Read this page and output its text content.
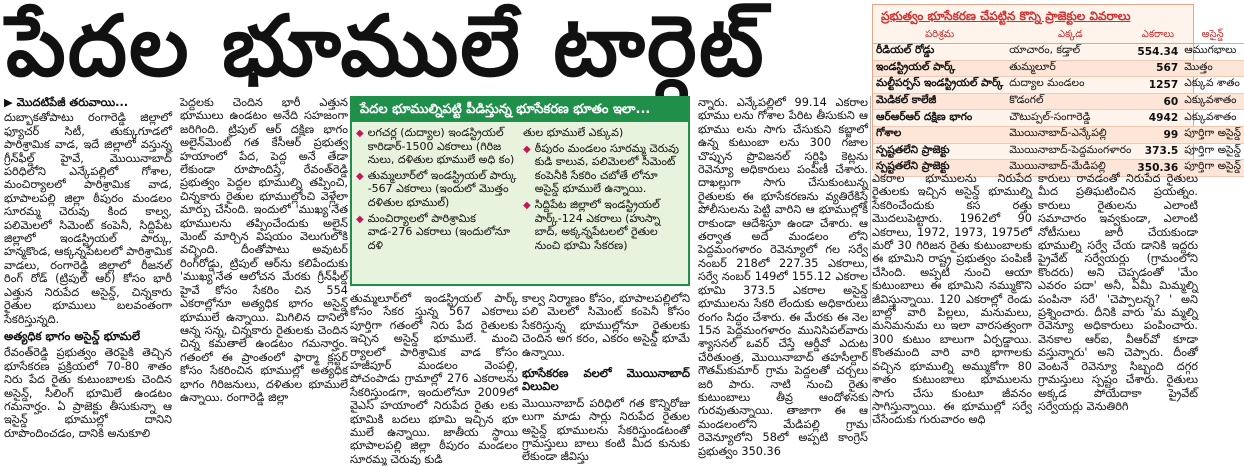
పేదల భూములే టార్గెట్

▶ మొదటిపేజీ తరువాయి...

దుబ్బాకతోపాటు రంగారెడ్డి జిల్లాలో ఫ్యూచర్ సిటీ, తుక్కుగూడలో పారిశ్రామిక వాడ, ఇదే జిల్లాలో వస్తున్న గ్రీన్‌ఫీల్డ్ హైవే, మొయినాబాద్ పరిధిలోని ఎన్కేపల్లిలో గోశాల, మంచిర్యాలలో పారిశ్రామిక వాడ, భూపాలపల్లి జిల్లా ఠీపురం మండలం సూరమ్మ చెరువు కింద కాల్వ, పలిమెలలో సిమెంట్ కంపెనీ, సిద్దిపేట జిల్లాలో ఇండస్ట్రియల్ పార్కు, హన్మకొండ, ఆక్కన్నపేటలలో పారిశ్రామిక వాడలు, రంగారెడ్డి జిల్లాలో రీజనల్ రింగ్ రోడ్ (ట్రిపుల్ ఆర్) కోసం భారీ ఎత్తున నిరుపేద అసైన్డ్, చిన్నకారు రైతుల భూములు బలవంతంగా సేకరిస్తున్నది.

అత్యధిక భాగం అసైన్డ్ భూమలే

రేవంత్‌రెడ్డి ప్రభుత్వం తెరపైకి తెచ్చిన భూసేకరణ ప్రక్రియలో 70-80 శాతం నిరు పేద రైతు కుటుంబాలకు చెందిన అసైన్డ్, సీలింగ్ భూమిలే ఉండటం గమనార్హం. ఏ ప్రాజెక్టు తీసుకున్నా ఆ ఇసైన్డ్ భూముల్లో దానిని రూపొందించడం, దానికి అనుకూలి

పెద్దలకు చెందిన భారీ ఎత్తున భూములు ఉండటం అనేది సహజంగా జరిగింది. ట్రిపుల్ ఆర్ దక్షిణ భాగం అలైన్‌మెంట్ గత కేసీఆర్ ప్రభుత్వ హయాంలో పేద, పెద్ద అనే తేడా లేకుండా రూపొందిస్తే, రేవంత్‌రెడ్డి ప్రభుత్వం పెద్దల భూముల్ని తప్పించి, చిన్నకారు రైతుల భూముల్లోంచి వెళ్లేలా మార్పు చేసింది. ఇందులో 'ముఖ్య'నేత భూములను తప్పించేందుకు అలైన్ మెంట్ మార్చిన విషయం వెలుగులోకి వచ్చింది. దీంతోపాటు అవుటర్ రింగ్‌రోడ్డు, ట్రిపుల్ ఆర్‌ను కలిపేందుకు 'ముఖ్య'నేత ఆలోచన మేరకు గ్రీన్‌ఫీల్డ్ హైవే కోసం సేకరిం చిన 554 ఎకరాల్లోనూ అత్యధిక భాగం అసైన్డ్ భూములే ఉన్నాయి. మిగిలిన దానిలో ఆన్న సన్న, చిన్నకారు రైతులకు చెందిన చిన్న కమతాలే ఉండటం గమనార్హం. గతంలో ఈ ప్రాంతంలో ఫార్మా క్లస్టర్ కోసం సేకరించిన భూముల్లో అత్యధిక భాగం గిరిజనులు, దళితుల భూములే ఉన్నాయి. రంగారెడ్డి జిల్లా

పేదల భూముల్నిపట్టి పీడిస్తున్న భూసేకరణ భూతం ఇలా...
◆ లగచర్ల (దుద్యాల) ఇండస్ట్రియల్ కారిడార్-1500 ఎకరాలు (గిరిజ నులు, దళితుల భూములే అధి కం)
◆ తుమ్మలూర్‌లో ఇండస్ట్రియల్ పార్కు -567 ఎకరాలు (ఇందులో మొత్తం దళితుల భూముల్)
◆ మంచిర్యాలలో పారిశ్రామిక వాడ-276 ఎకరాలు (ఇందులోనూ దళి
తుల భూములే ఎక్కువ)
◆ ఠీపురం మండలం సూరమ్మ చెరువు కుడి కాలువ, పలిమెలలో సిమెంట్ కంపెనీకి సేకరిం చబోతే లోనూ అసైన్డ్ భూములే ఉన్నాయి.
◆ సిద్దిపేట జిల్లాలో ఇండస్ట్రియల్ పార్క్-124 ఎకరాలు (హుస్నా బాద్, అక్కన్నపేటలలో రైతుల నుంచి భూమి సేకరణ)
తుమ్మలూర్‌లో ఇండస్ట్రియల్ పార్క్ కోసం సేకర స్తున్న 567 ఎకరాలు పూర్తిగా గతంలో నిరు పేద రైతులకు ఇచ్చిన అసైన్డ్ భూములే. మంచి ర్యాలలో పారిశ్రామిక వాడ కోసం హజీపూర్ మండలం వెంపల్లి, పోచంపాడు గ్రామాల్లో 276 ఎకరాలను సేకరిస్తుండగా, ఇందులోనూ 2009లో వైఎస్ హయాంలో నిరుపేద రైతు లకు భూమికి బదలు భూమి ఇచ్చిన భూ ములే ఉన్నాయి. జాతీయ స్థాయి భూపాలపల్లి జిల్లా ఠీపురం మండలం సూరమ్మ చెరువు కుడి
కాల్వ నిర్మాణం కోసం, భూపాలపల్లిలోని పలి మెలలో సిమెంట్ కంపెనీ కోసం సేకరిస్తున్న భూముల్లోనూ రైతులకు చెందిన అగ కరం, ఎకరం అసైన్డ్ భూమే ఉన్నాయి.
భూసేకరణ వలలో మొయినాబాద్ విలువిల
మొయినాబాద్ పరిధిలో గత కొన్నిరోజు లుగా మాడు సార్లు నిరుపేద రైతుల అసైన్డ్ భూములను సేకరిస్తుండటంతో గ్రామస్తులు బాలు కంటి మీద కునుకు లేకుండా జీవిస్తు

న్నారు. ఎన్కేపల్లిలో 99.14 ఎకరాల భూము లను గోశాల పేరిట తీసుకుని ఆ భూము లను సాగు చేసుకుని కబ్జాలో ఉన్న కుటుంబా లను 300 గజాల చొప్పున ప్రొవిజనల్ సర్టిఫి కెట్లను రెవెన్యూ అధికారులు పంపిణీ చేశారు. దాఖల్లుగా సాగు చేసుకుంటున్న రైతులకు ఈ భూసేకరణను వ్యతిరేకిస్తే పోలీసులను పెట్టి వారిని ఆ భూముల్లోకి రాకుండా ఆదేశిస్తూ ఉండా చేశారు. ఆ తర్వాత అదే మండలం లోని పెద్దమంగళారం రెవెన్యూలో గల సర్వే నంబర్ 218లో 227.35 ఎకరాలు, సర్వే నంబర్ 149లో 155.12 ఎకరాల భూమి 373.5 ఎకరాల అసైన్డ్ భూములను సేకరి లేందుకు అధికారులు రంగం సిద్ధం చేశారు. ఈ మేరకు ఈ నెల 15న పెద్దమంగళారం మునిసిపల్‌వారు శ్యాసనల్ ఒవర్‌ చేస్తే ఆర్డీవో ఎదుట చేరితుంత్ర, మొయినాబాద్ తహసీల్దార్ గౌతమ్‌కుమార్ గ్రామ పెద్దలతో చర్చలు జరి పారు. నాటి నుంచి రైతు కుటుంబాలు తీవ్ర ఆందోళనకు గురవుతున్నాయి. తాజాగా ఈ ఆ మండలంలోని మేడిపల్లి గ్రామ రెవెన్యూలోని 58లో అప్పటి కాంగ్రెస్ ప్రభుత్వం 350.36

ప్రభుత్వం భూసేకరణ చేపట్టిన కొన్ని ప్రాజెక్టుల వివరాలు
పరిశ్రమ	ఎక్కడ	ఎకరాలు	అసైన్డ్
రీడియల్ రోడ్డు	యాచారం, కడ్తాల్	554.34	ఆముగభాలు
ఇండస్ట్రియల్ పార్క్	తుమ్మలూర్	567	మొత్తం
మల్టీపర్పస్ ఇండస్ట్రియల్ పార్క్	దుద్యాల మండలం	1257	ఎక్కువ శాతం
మెడికల్ కాలేజీ	కొడంగల్	60	ఎక్కువశాతం
ఆర్‌ఆర్‌ఆర్ దక్షిణ భాగం	చౌటుప్పల్-సంగారెడ్డి	4942	ఎక్కువశాతం
గోశాల	మొయినాబాద్-ఎన్కేపల్లి	99	పూర్తిగా అసైన్డ్
స్పష్టతలేని ప్రాజెక్టు	మొయినాబాద్-పెద్దమంగళారం	373.5	పూర్తిగా అసైన్డ్
స్పష్టతలేని ప్రాజెక్టు	మొయినాబాద్-మేడిపల్లి	350.36	పూర్తిగా అసైన్డ్
ఎకరాల భూములను నిరుపేద రైతులకు ఇచ్చిన అసైన్డ్ భూముల్ని సేకరించేందుకు కస రత్తు మొదలుపెట్టారు. 1962లో 90 ఎకరాలు, 1972, 1973, 1975లో మరో 30 గిరిజన రైతు కుటుంబాలకు ఈ భూమిని రాష్ట్ర ప్రభుత్వం పంపిణీ చేసింది. అప్పటి నుంచి ఆయా కుటుంబాలు ఈ భూమిని నమ్ముకొని జీవిస్తున్నాయి. 120 ఎకరాల్లో రెండు బాల్లో వారి పిల్లలు, మనుమలు, మనిమనుమ లు ఇలా వారసత్వంగా 300 కుటుం బాలుగా ఏర్పడ్డాయి. కొంతమంది వారి వారి భాగాలకు వచ్చిన భూముల్ని అమ్ముకోగా 80 శాతం కుటుంబాలు భూములను సాగు చేసు కుంటూ జీవనం సాగిస్తున్నాయి. ఈ భూముల్లో సర్వే చేసేందుకు గురువారం అధి
కారులు రావడంతో నిరుపేద రైతులు మీద ప్రతిఘటించిన ప్రయత్నం. కారులు రైతులను ఎలాంటి సమాచారం ఇవ్వకుండా, ఎలాంటి నోటీసులు జారీ చేయకుండా భూముల్ని సర్వే చేయ డానికి ఇద్దరు ప్రైవేట్ సర్వేయర్లు (గ్రామంలోని కొందరు) అని చెప్పడంతో 'మేం ఎవరం పదా' అనీ, ఏమీ మిమ్మల్ని పంపినా సరే' 'చెప్పాలన్న? ' అని ప్రశ్నించారు. దీనికి వారు 'మ మ్మల్ని రెవెన్యూ అధికారులు పంపించారు. వెనకాల ఆర్‌ఐ, వీఆర్‌వో కూడా వస్తున్నారు' అని చెప్పారు. దీంతో వెంటనే రెవెన్యూ సిబ్బంది దగ్గర గ్రామస్తులు స్పష్టం చేశారు. రైతులు అక్కడ పోయేదాకా ప్రైవేట్ సర్వేయర్లు వెనుతిరిగి
